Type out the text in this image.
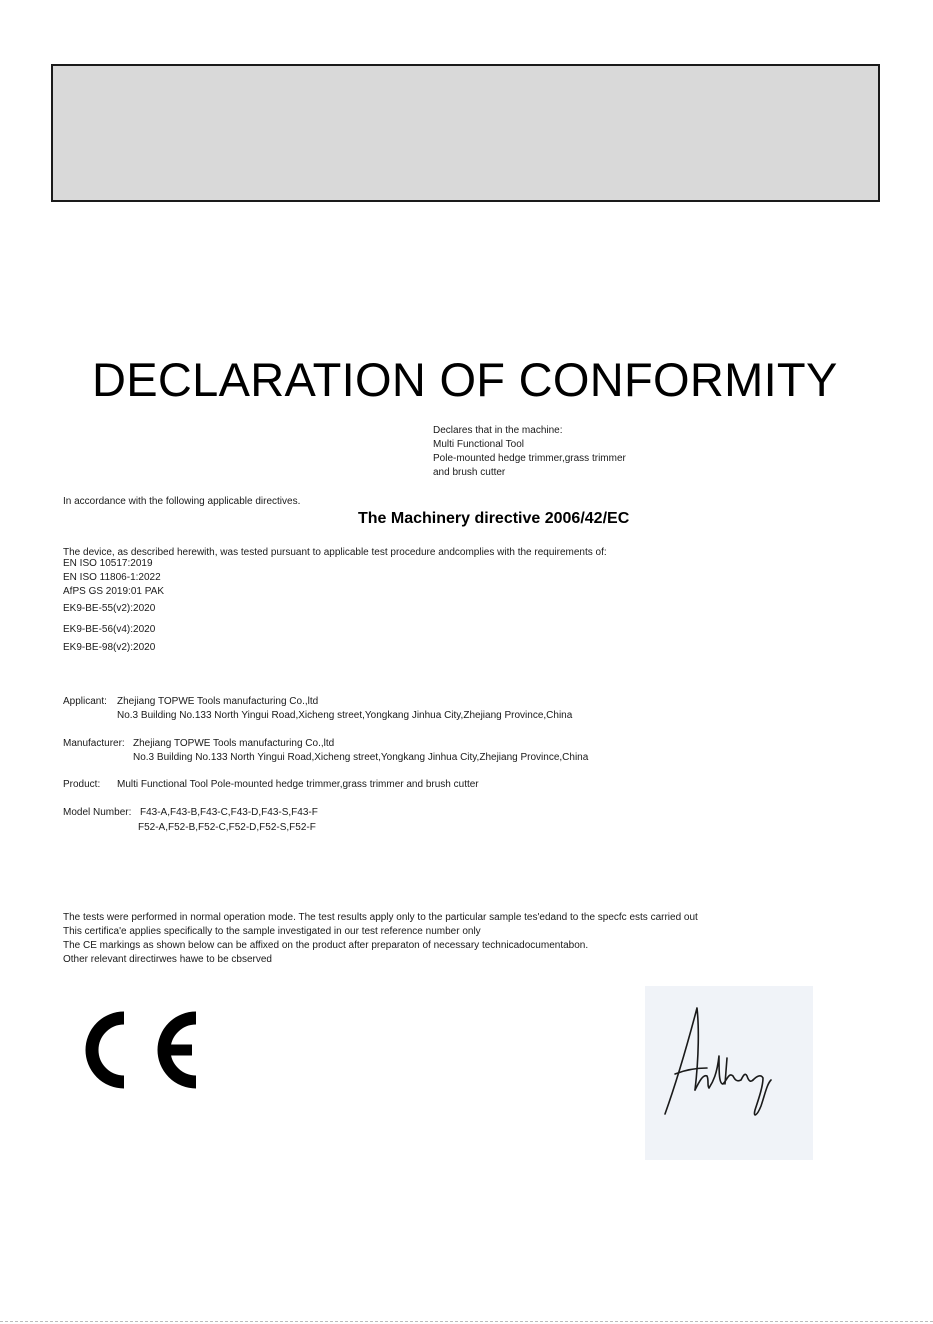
DECLARATION OF CONFORMITY
Declares that in the machine:
Multi Functional Tool
Pole-mounted hedge trimmer,grass trimmer
and brush cutter
In accordance with the following applicable directives.
The Machinery directive 2006/42/EC
The device, as described herewith, was tested pursuant to applicable test procedure andcomplies with the requirements of:
EN ISO 10517:2019
EN ISO 11806-1:2022
AfPS GS 2019:01 PAK
EK9-BE-55(v2):2020
EK9-BE-56(v4):2020
EK9-BE-98(v2):2020
Applicant: Zhejiang TOPWE Tools manufacturing Co.,ltd
No.3 Building No.133 North Yingui Road,Xicheng street,Yongkang Jinhua City,Zhejiang Province,China
Manufacturer: Zhejiang TOPWE Tools manufacturing Co.,ltd
No.3 Building No.133 North Yingui Road,Xicheng street,Yongkang Jinhua City,Zhejiang Province,China
Product: Multi Functional Tool Pole-mounted hedge trimmer,grass trimmer and brush cutter
Model Number: F43-A,F43-B,F43-C,F43-D,F43-S,F43-F
F52-A,F52-B,F52-C,F52-D,F52-S,F52-F
The tests were performed in normal operation mode. The test results apply only to the particular sample tes'edand to the specfc ests carried out
This certifica'e applies specifically to the sample investigated in our test reference number only
The CE markings as shown below can be affixed on the product after preparaton of necessary technicadocumentabon.
Other relevant directirwes hawe to be cbserved
